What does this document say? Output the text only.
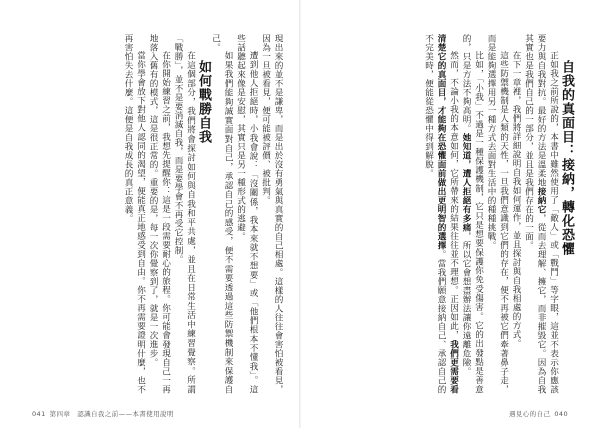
自我的真面目：接納，轉化恐懼

正如我之前所說的，本書中雖然使用了「敵人」或「戰鬥」等字眼，這並不表示你應該要力與自我對抗。最好的方法是溫柔地接納它，從而去理解、擁它，而非摧毀它。因為自我其實也是我們自己的一部分，並且是我們存在的一面。

在下一章裡，我們將詳細說明自我如何運作，並且探討與自我相處的方式。

這些防禦機制是人類的天性，一旦我們意識到它們的存在，便不再被它們牽著鼻子走，而是能夠選擇用另一種方式去面對生活中的種種挑戰。

比如，「小我」不過是一種保護機制，它只是想要保護你免受傷害。它的出發點是善意的，只是方法不夠高明。她知道，遭人拒絕有多痛，所以它會想盡辦法讓你遠離危險。

然而，不論小我的本意如何，它所帶來的結果往往並不理想。正因如此，我們更需要看清楚它的真面目，才能夠在恐懼面前做出更明智的選擇。當我們願意接納自己、承認自己的不完美時，便能從恐懼中得到解脫。

遇見心的自己 040

現出來的並不是謙卑，而是出於沒有勇氣與真實的自己相處。這樣的人往往會害怕被看見，因為一旦被看見，便可能被評價、被批判。

遭到他人拒絕時，小我會說：「沒關係，我本來就不想要」或「他們根本不懂我」。這些話聽起來像是安慰，其實只是另一種形式的逃避。

如果我們能夠誠實面對自己，承認自己的感受，便不需要透過這些防禦機制來保護自己。

如何戰勝自我

在這個部分，我們將會探討如何與自我和平共處，並且在日常生活中練習覺察。所謂「戰勝」，並不是要消滅自我，而是要學會不再受它控制。

在你開始練習之前，我想先提醒你：這是一段需要耐心的旅程。你可能會發現自己一再地落入舊有的模式，這是很正常的。重要的是，每一次你覺察到了，就是一次進步。

當你學會放下對他人認同的渴望，便能真正地感受到自由。你不再需要證明什麼，也不再害怕失去什麼。這便是自我成長的真正意義。

041 第四章　認識自我之前——本書使用說明
